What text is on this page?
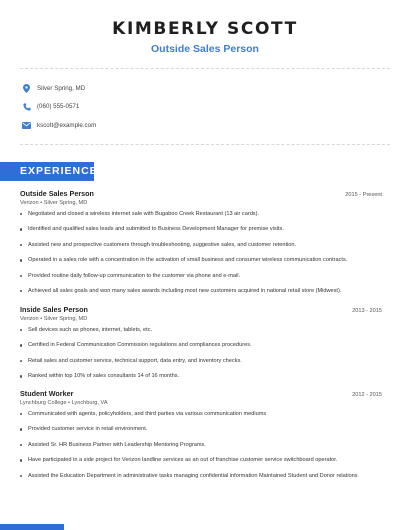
KIMBERLY SCOTT
Outside Sales Person
Silver Spring, MD
(060) 555-0571
kscott@example.com
EXPERIENCE
Outside Sales Person	2015 - Present
Verizon • Silver Spring, MD
Negotiated and closed a wireless internet sale with Bugaboo Creek Restaurant (13 air cards).
Identified and qualified sales leads and submitted to Business Development Manager for premise visits.
Assisted new and prospective customers through troubleshooting, suggestive sales, and customer retention.
Operated in a sales role with a concentration in the activation of small business and consumer wireless communication contracts.
Provided routine daily follow-up communication to the customer via phone and e-mail.
Achieved all sales goals and won many sales awards including most new customers acquired in national retail store (Midwest).
Inside Sales Person	2013 - 2015
Verizon • Silver Spring, MD
Sell devices such as phones, internet, tablets, etc.
Certified in Federal Communication Commission regulations and compliances procedures.
Retail sales and customer service, technical support, data entry, and inventory checks.
Ranked within top 10% of sales consultants 14 of 16 months.
Student Worker	2012 - 2015
Lynchburg College • Lynchburg, VA
Communicated with agents, policyholders, and third parties via various communication mediums
Provided customer service in retail environment.
Assisted Sr. HR Business Partner with Leadership Mentoring Programs.
Have participated in a side project for Verizon landline services as an out of franchise customer service switchboard operator.
Assisted the Education Department in administrative tasks managing confidential information Maintained Student and Donor relations
